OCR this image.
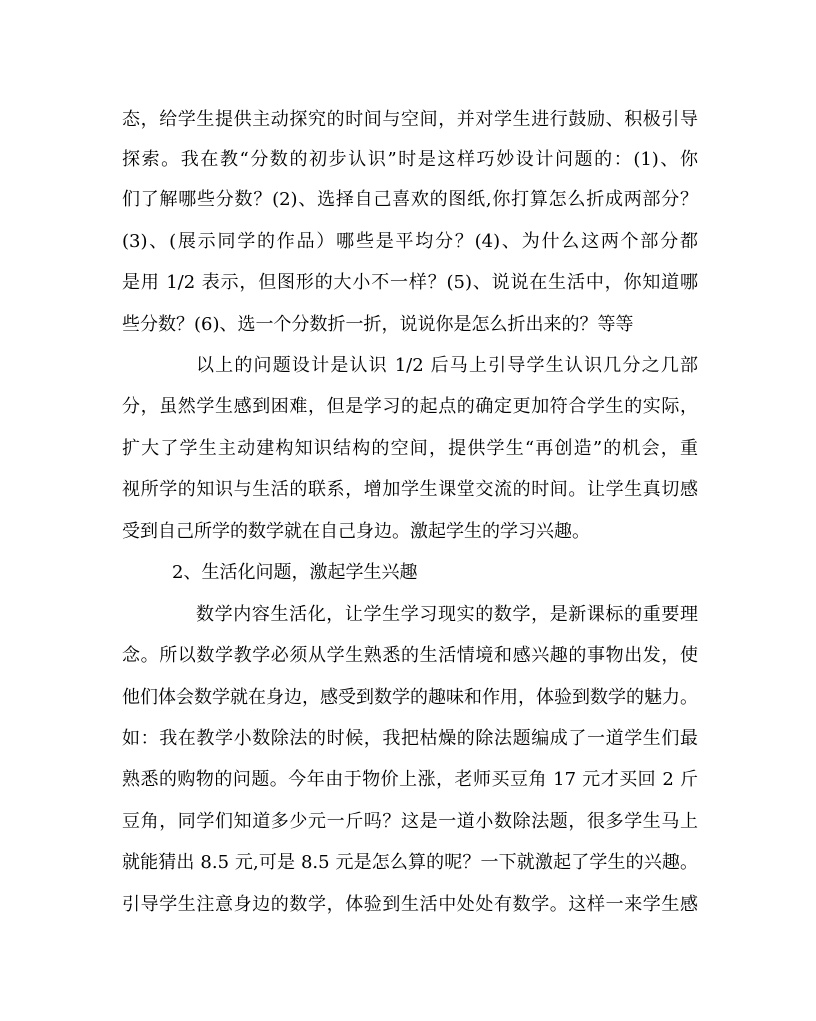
态，给学生提供主动探究的时间与空间，并对学生进行鼓励、积极引导
探索。我在教“分数的初步认识”时是这样巧妙设计问题的：(1)、你
们了解哪些分数？(2)、选择自己喜欢的图纸,你打算怎么折成两部分？
(3)、(展示同学的作品）哪些是平均分？(4)、为什么这两个部分都
是用 1/2 表示，但图形的大小不一样？(5)、说说在生活中，你知道哪
些分数？(6)、选一个分数折一折，说说你是怎么折出来的？等等
以上的问题设计是认识 1/2 后马上引导学生认识几分之几部
分，虽然学生感到困难，但是学习的起点的确定更加符合学生的实际，
扩大了学生主动建构知识结构的空间，提供学生“再创造”的机会，重
视所学的知识与生活的联系，增加学生课堂交流的时间。让学生真切感
受到自己所学的数学就在自己身边。激起学生的学习兴趣。
2、生活化问题，激起学生兴趣
数学内容生活化，让学生学习现实的数学，是新课标的重要理
念。所以数学教学必须从学生熟悉的生活情境和感兴趣的事物出发，使
他们体会数学就在身边，感受到数学的趣味和作用，体验到数学的魅力。
如：我在教学小数除法的时候，我把枯燥的除法题编成了一道学生们最
熟悉的购物的问题。今年由于物价上涨，老师买豆角 17 元才买回 2 斤
豆角，同学们知道多少元一斤吗？这是一道小数除法题，很多学生马上
就能猜出 8.5 元,可是 8.5 元是怎么算的呢？一下就激起了学生的兴趣。
引导学生注意身边的数学，体验到生活中处处有数学。这样一来学生感
